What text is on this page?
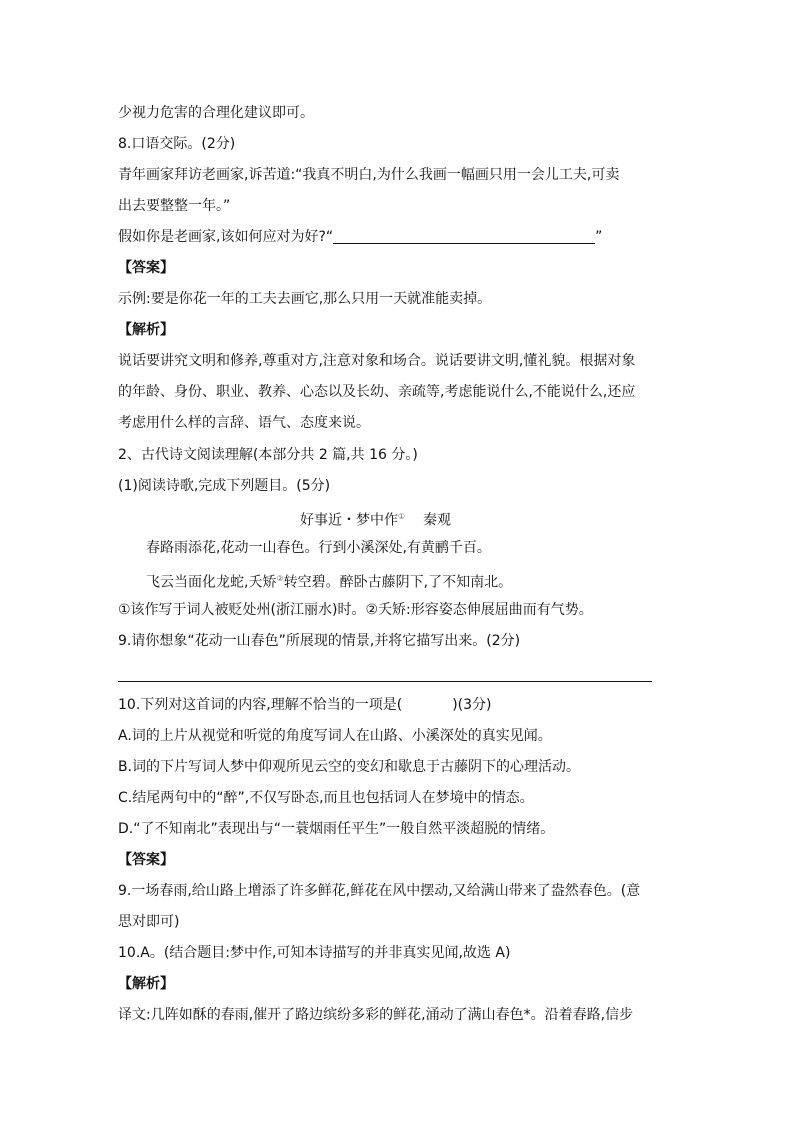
少视力危害的合理化建议即可。
8.口语交际。(2分)
青年画家拜访老画家,诉苦道:“我真不明白,为什么我画一幅画只用一会儿工夫,可卖
出去要整整一年。”
假如你是老画家,该如何应对为好?“	”
【答案】
示例:要是你花一年的工夫去画它,那么只用一天就准能卖掉。
【解析】
说话要讲究文明和修养,尊重对方,注意对象和场合。说话要讲文明,懂礼貌。根据对象
的年龄、身份、职业、教养、心态以及长幼、亲疏等,考虑能说什么,不能说什么,还应
考虑用什么样的言辞、语气、态度来说。
2、古代诗文阅读理解(本部分共 2 篇,共 16 分。)
(1)阅读诗歌,完成下列题目。(5分)
好事近・梦中作① 秦观
春路雨添花,花动一山春色。行到小溪深处,有黄鹂千百。
飞云当面化龙蛇,夭矫②转空碧。醉卧古藤阴下,了不知南北。
①该作写于词人被贬处州(浙江丽水)时。②夭矫:形容姿态伸展屈曲而有气势。
9.请你想象“花动一山春色”所展现的情景,并将它描写出来。(2分)
10.下列对这首词的内容,理解不恰当的一项是(	)(3分)
A.词的上片从视觉和听觉的角度写词人在山路、小溪深处的真实见闻。
B.词的下片写词人梦中仰观所见云空的变幻和歇息于古藤阴下的心理活动。
C.结尾两句中的“醉”,不仅写卧态,而且也包括词人在梦境中的情态。
D.“了不知南北”表现出与“一蓑烟雨任平生”一般自然平淡超脱的情绪。
【答案】
9.一场春雨,给山路上增添了许多鲜花,鲜花在风中摆动,又给满山带来了盎然春色。(意
思对即可)
10.A。(结合题目:梦中作,可知本诗描写的并非真实见闻,故选 A)
【解析】
译文:几阵如酥的春雨,催开了路边缤纷多彩的鲜花,涌动了满山春色*。沿着春路,信步
